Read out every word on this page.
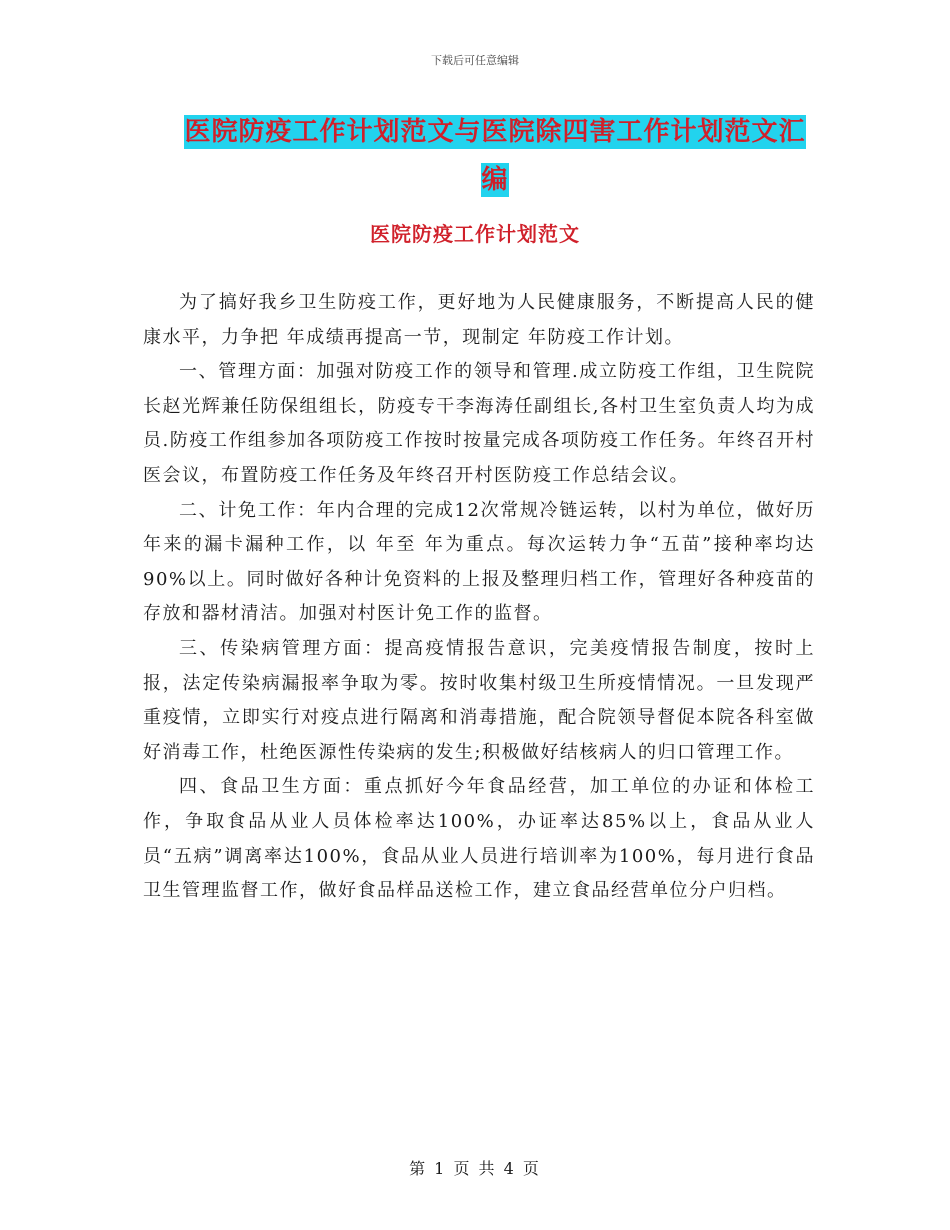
下载后可任意编辑
医院防疫工作计划范文与医院除四害工作计划范文汇
编
医院防疫工作计划范文

为了搞好我乡卫生防疫工作，更好地为人民健康服务，不断提高人民的健康水平，力争把 年成绩再提高一节，现制定 年防疫工作计划。

一、管理方面：加强对防疫工作的领导和管理.成立防疫工作组，卫生院院长赵光辉兼任防保组组长，防疫专干李海涛任副组长,各村卫生室负责人均为成员.防疫工作组参加各项防疫工作按时按量完成各项防疫工作任务。年终召开村医会议，布置防疫工作任务及年终召开村医防疫工作总结会议。

二、计免工作：年内合理的完成12次常规冷链运转，以村为单位，做好历年来的漏卡漏种工作，以 年至 年为重点。每次运转力争“五苗”接种率均达90%以上。同时做好各种计免资料的上报及整理归档工作，管理好各种疫苗的存放和器材清洁。加强对村医计免工作的监督。

三、传染病管理方面：提高疫情报告意识，完美疫情报告制度，按时上报，法定传染病漏报率争取为零。按时收集村级卫生所疫情情况。一旦发现严重疫情，立即实行对疫点进行隔离和消毒措施，配合院领导督促本院各科室做好消毒工作，杜绝医源性传染病的发生;积极做好结核病人的归口管理工作。

四、食品卫生方面：重点抓好今年食品经营，加工单位的办证和体检工作，争取食品从业人员体检率达100%，办证率达85%以上，食品从业人员“五病”调离率达100%，食品从业人员进行培训率为100%，每月进行食品卫生管理监督工作，做好食品样品送检工作，建立食品经营单位分户归档。

第 1 页 共 4 页
